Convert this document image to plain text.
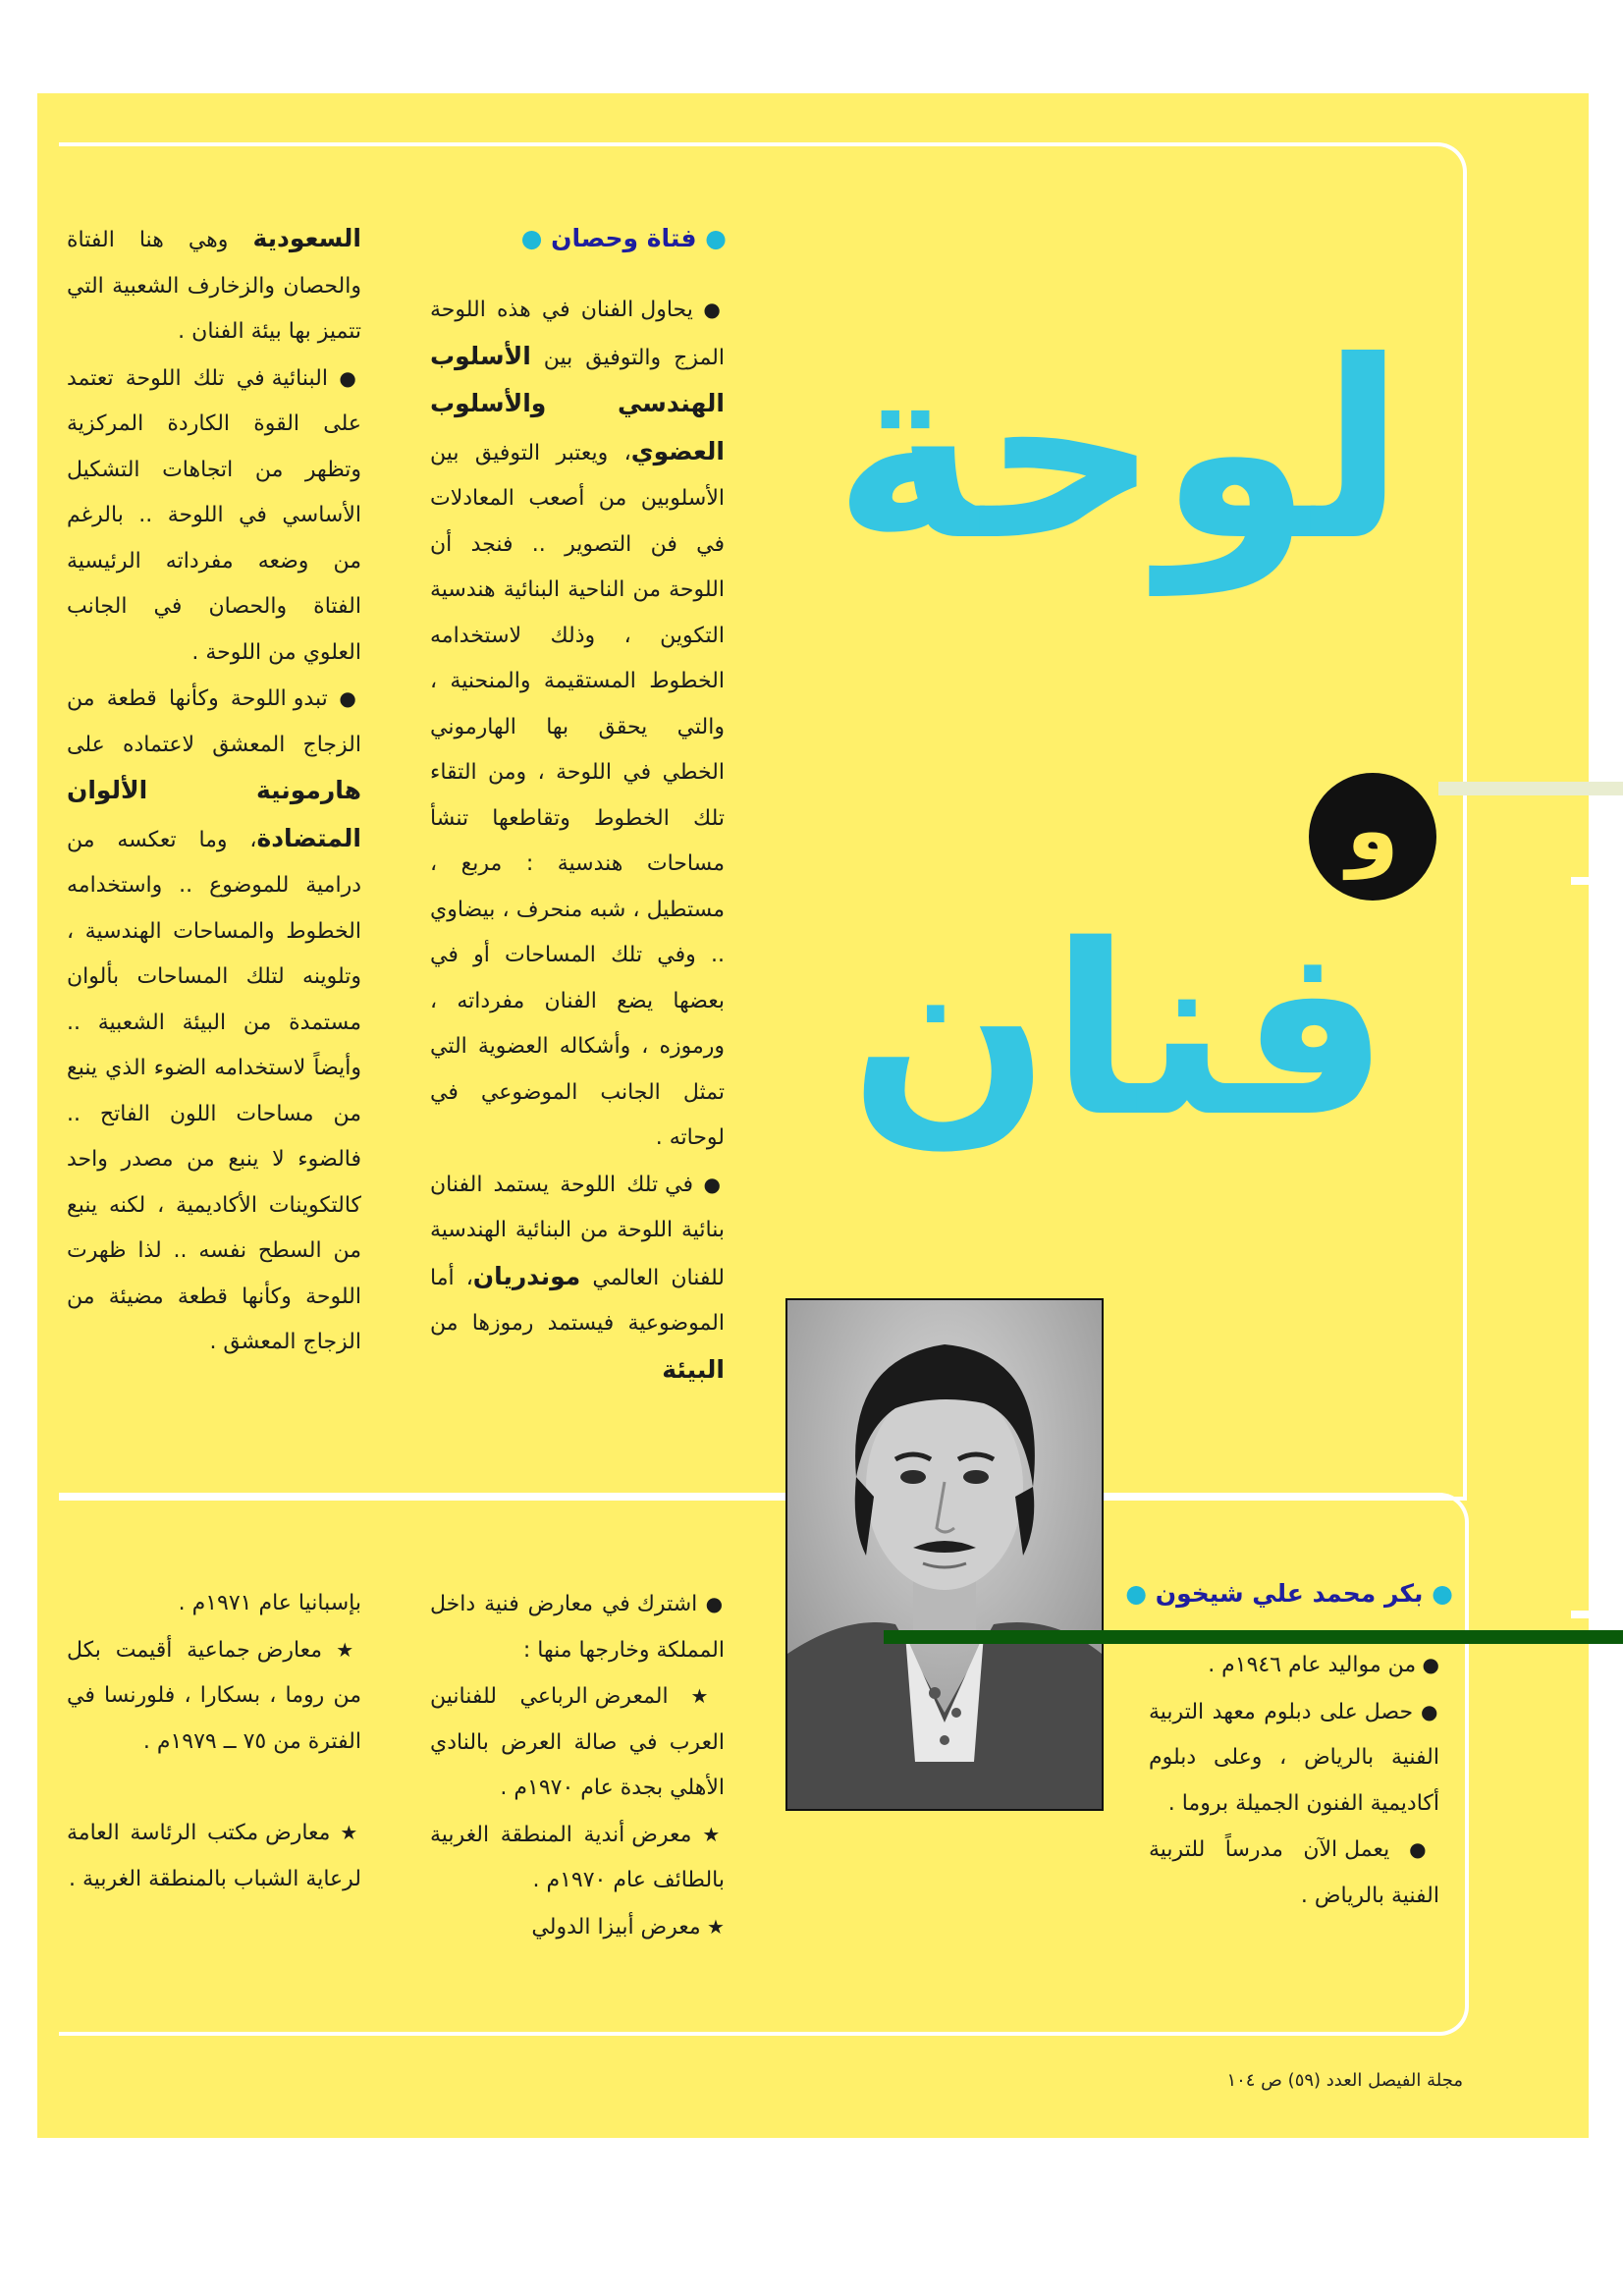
لوحة
و
فنان
● فتاة وحصان ●

● يحاول الفنان في هذه اللوحة المزج والتوفيق بين الأسلوب الهندسي والأسلوب العضوي، ويعتبر التوفيق بين الأسلوبين من أصعب المعادلات في فن التصوير .. فنجد أن اللوحة من الناحية البنائية هندسية التكوين ، وذلك لاستخدامه الخطوط المستقيمة والمنحنية ، والتي يحقق بها الهارموني الخطي في اللوحة ، ومن التقاء تلك الخطوط وتقاطعها تنشأ مساحات هندسية : مربع ، مستطيل ، شبه منحرف ، بيضاوي .. وفي تلك المساحات أو في بعضها يضع الفنان مفرداته ، ورموزه ، وأشكاله العضوية التي تمثل الجانب الموضوعي في لوحاته .

● في تلك اللوحة يستمد الفنان بنائية اللوحة من البنائية الهندسية للفنان العالمي موندريان، أما الموضوعية فيستمد رموزها من البيئة

السعودية وهي هنا الفتاة والحصان والزخارف الشعبية التي تتميز بها بيئة الفنان .

● البنائية في تلك اللوحة تعتمد على القوة الكاردة المركزية وتظهر من اتجاهات التشكيل الأساسي في اللوحة .. بالرغم من وضعه مفرداته الرئيسية الفتاة والحصان في الجانب العلوي من اللوحة .

● تبدو اللوحة وكأنها قطعة من الزجاج المعشق لاعتماده على هارمونية الألوان المتضادة، وما تعكسه من درامية للموضوع .. واستخدامه الخطوط والمساحات الهندسية ، وتلوينه لتلك المساحات بألوان مستمدة من البيئة الشعبية .. وأيضاً لاستخدامه الضوء الذي ينبع من مساحات اللون الفاتح .. فالضوء لا ينبع من مصدر واحد كالتكوينات الأكاديمية ، لكنه ينبع من السطح نفسه .. لذا ظهرت اللوحة وكأنها قطعة مضيئة من الزجاج المعشق .

● بكر محمد علي شيخون ●

● من مواليد عام ١٩٤٦م .

● حصل على دبلوم معهد التربية الفنية بالرياض ، وعلى دبلوم أكاديمية الفنون الجميلة بروما .

● يعمل الآن مدرساً للتربية الفنية بالرياض .

● اشترك في معارض فنية داخل المملكة وخارجها منها :

★ المعرض الرباعي للفنانين العرب في صالة العرض بالنادي الأهلي بجدة عام ١٩٧٠م .

★ معرض أندية المنطقة الغربية بالطائف عام ١٩٧٠م .

★ معرض أبيزا الدولي

بإسبانيا عام ١٩٧١م .

★ معارض جماعية أقيمت بكل من روما ، بسكارا ، فلورنسا في الفترة من ٧٥ ــ ١٩٧٩م .

★ معارض مكتب الرئاسة العامة لرعاية الشباب بالمنطقة الغربية .

مجلة الفيصل العدد (٥٩) ص ١٠٤
